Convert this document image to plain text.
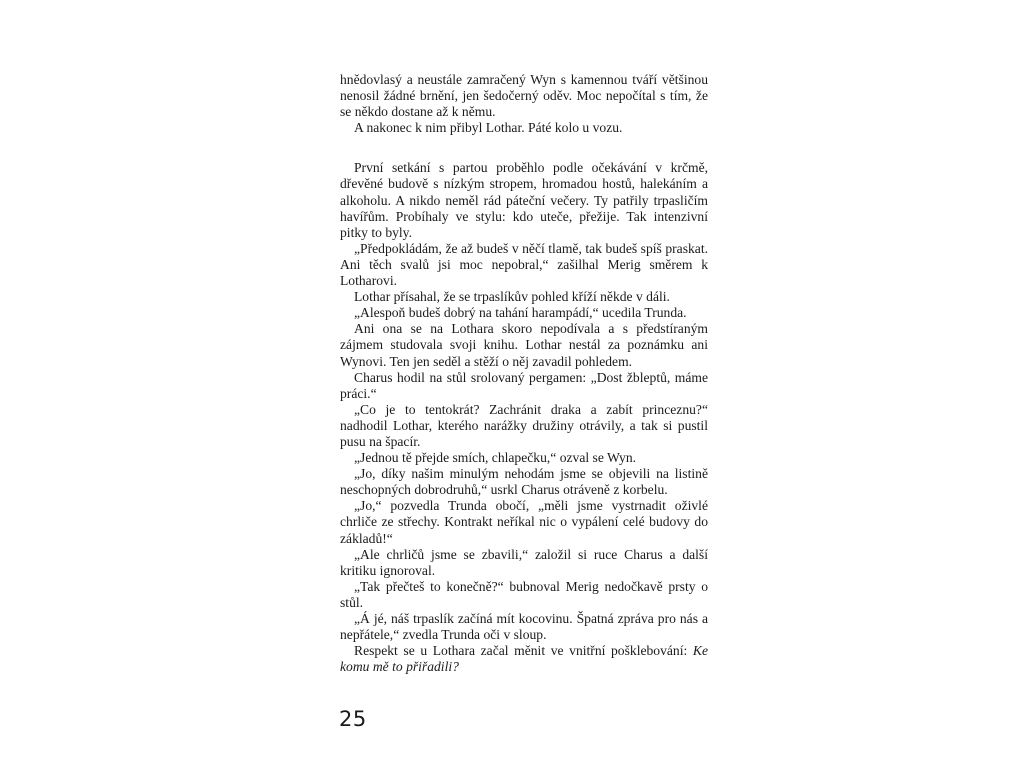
hnědovlasý a neustále zamračený Wyn s kamennou tváří většinou nenosil žádné brnění, jen šedočerný oděv. Moc nepočítal s tím, že se někdo dostane až k němu.

A nakonec k nim přibyl Lothar. Páté kolo u vozu.

První setkání s partou proběhlo podle očekávání v krčmě, dřevěné budově s nízkým stropem, hromadou hostů, halekáním a alkoholu. A nikdo neměl rád páteční večery. Ty patřily trpasličím havířům. Probíhaly ve stylu: kdo uteče, přežije. Tak intenzivní pitky to byly.

„Předpokládám, že až budeš v něčí tlamě, tak budeš spíš praskat. Ani těch svalů jsi moc nepobral,“ zašilhal Merig směrem k Lotharovi.

Lothar přísahal, že se trpaslíkův pohled kříží někde v dáli.

„Alespoň budeš dobrý na tahání harampádí,“ ucedila Trunda.

Ani ona se na Lothara skoro nepodívala a s předstíraným zájmem studovala svoji knihu. Lothar nestál za poznámku ani Wynovi. Ten jen seděl a stěží o něj zavadil pohledem.

Charus hodil na stůl srolovaný pergamen: „Dost žbleptů, máme práci.“

„Co je to tentokrát? Zachránit draka a zabít princeznu?“ nadhodil Lothar, kterého narážky družiny otrávily, a tak si pustil pusu na špacír.

„Jednou tě přejde smích, chlapečku,“ ozval se Wyn.

„Jo, díky našim minulým nehodám jsme se objevili na listině neschopných dobrodruhů,“ usrkl Charus otráveně z korbelu.

„Jo,“ pozvedla Trunda obočí, „měli jsme vystrnadit oživlé chrliče ze střechy. Kontrakt neříkal nic o vypálení celé budovy do základů!“

„Ale chrličů jsme se zbavili,“ založil si ruce Charus a další kritiku ignoroval.

„Tak přečteš to konečně?“ bubnoval Merig nedočkavě prsty o stůl.

„Á jé, náš trpaslík začíná mít kocovinu. Špatná zpráva pro nás a nepřátele,“ zvedla Trunda oči v sloup.

Respekt se u Lothara začal měnit ve vnitřní pošklebování: Ke komu mě to přiřadili?

25
